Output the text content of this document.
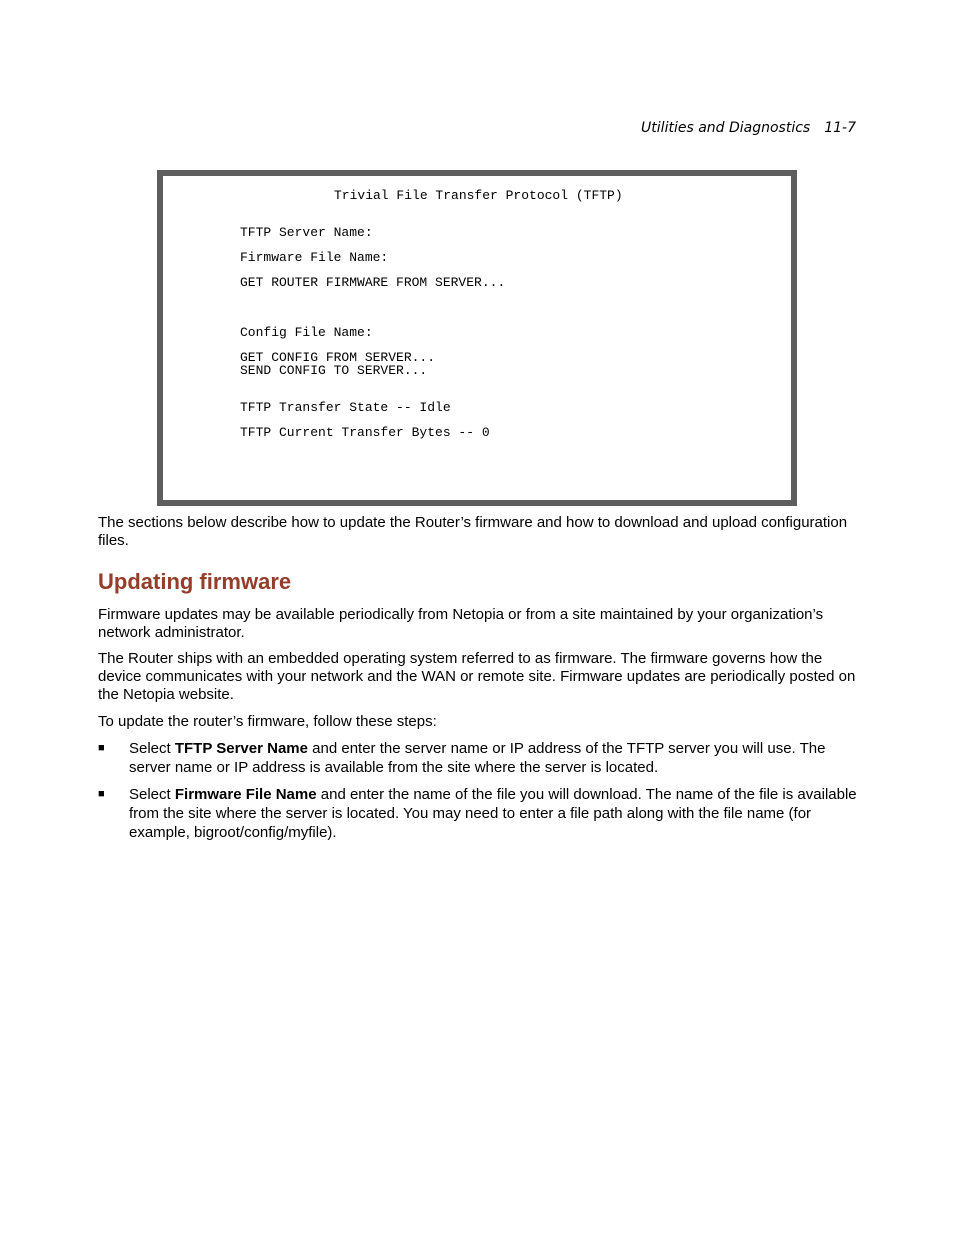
Utilities and Diagnostics 11-7
Trivial File Transfer Protocol (TFTP)
TFTP Server Name:
Firmware File Name:
GET ROUTER FIRMWARE FROM SERVER...
Config File Name:
GET CONFIG FROM SERVER...
SEND CONFIG TO SERVER...
TFTP Transfer State -- Idle
TFTP Current Transfer Bytes -- 0

The sections below describe how to update the Router’s firmware and how to download and upload configuration files.

Updating firmware

Firmware updates may be available periodically from Netopia or from a site maintained by your organization’s network administrator.

The Router ships with an embedded operating system referred to as firmware. The firmware governs how the device communicates with your network and the WAN or remote site. Firmware updates are periodically posted on the Netopia website.

To update the router’s firmware, follow these steps:

■ Select TFTP Server Name and enter the server name or IP address of the TFTP server you will use. The server name or IP address is available from the site where the server is located.
■ Select Firmware File Name and enter the name of the file you will download. The name of the file is available from the site where the server is located. You may need to enter a file path along with the file name (for example, bigroot/config/myfile).
